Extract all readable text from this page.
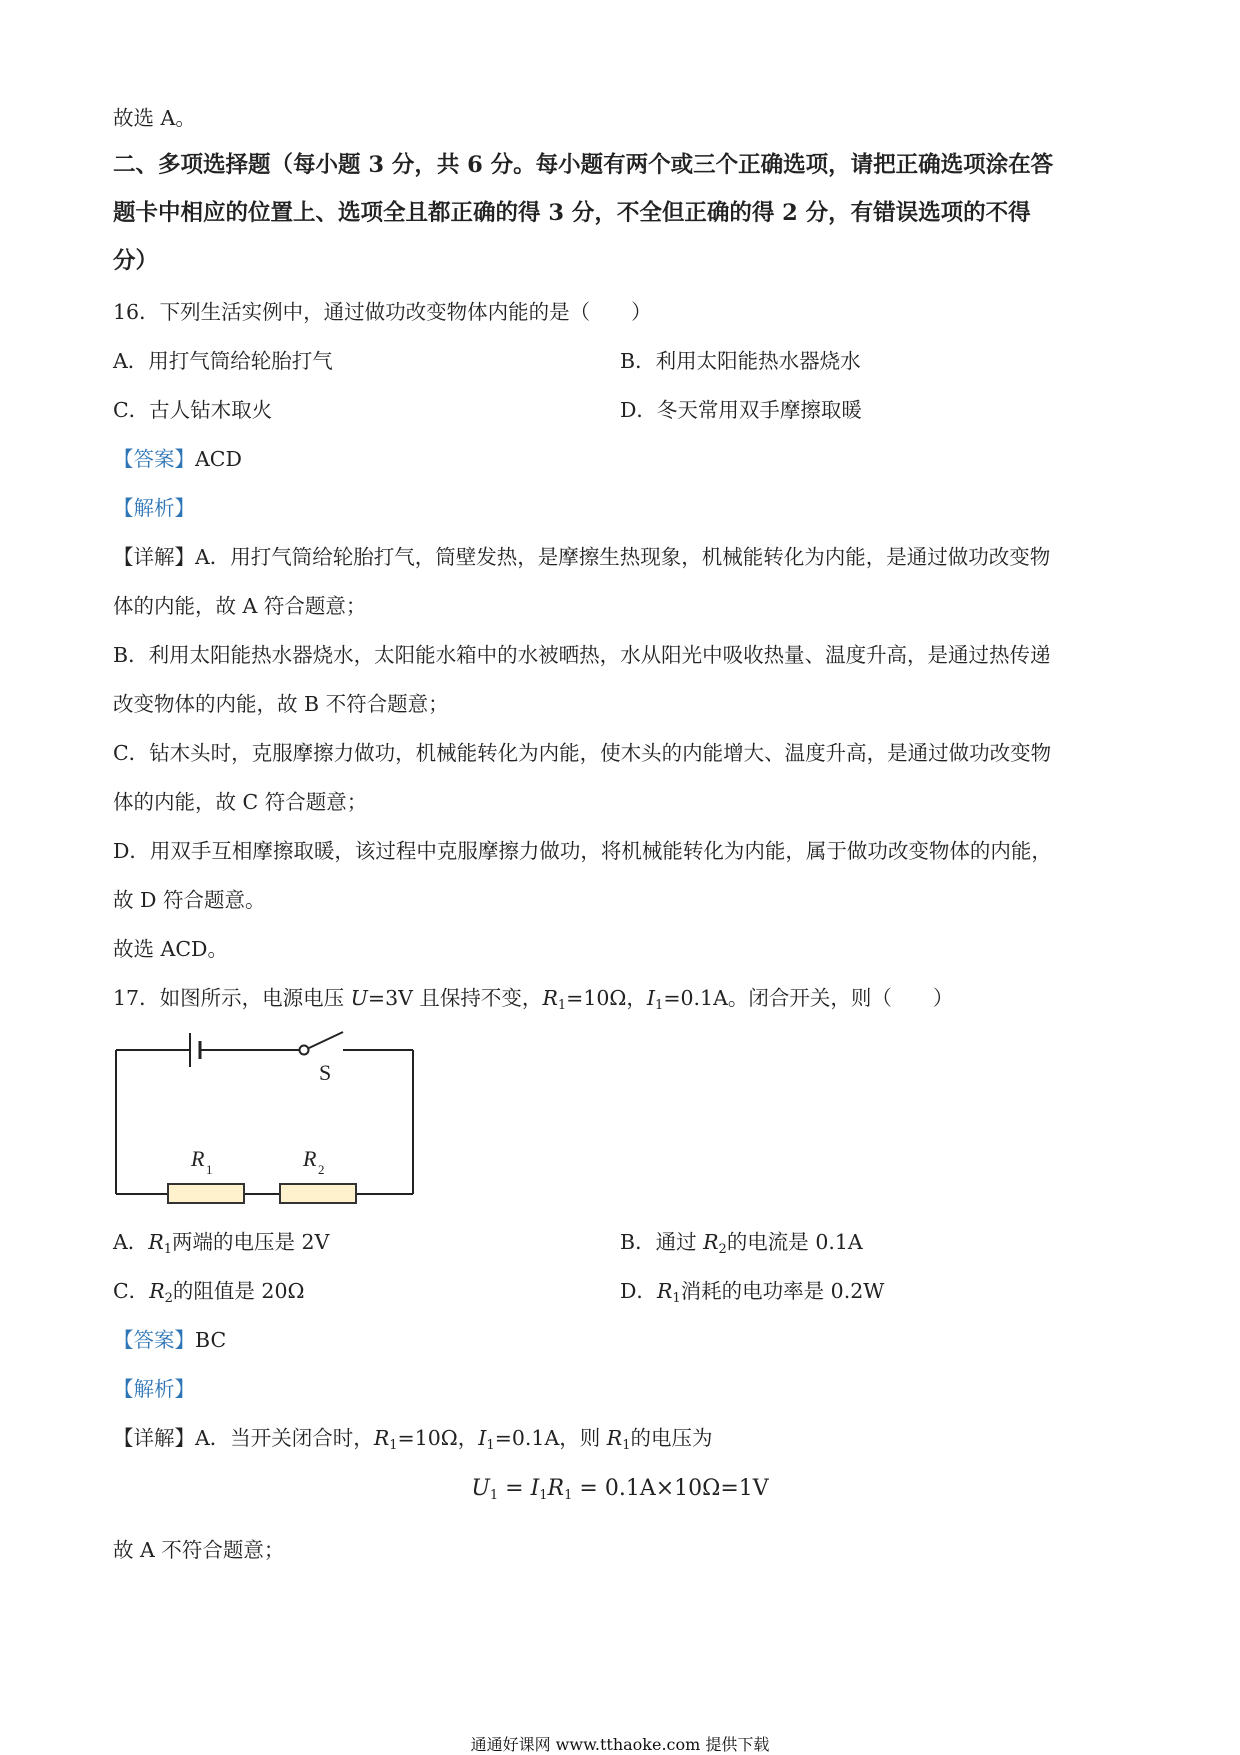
故选 A。
二、多项选择题（每小题 3 分，共 6 分。每小题有两个或三个正确选项，请把正确选项涂在答
题卡中相应的位置上、选项全且都正确的得 3 分，不全但正确的得 2 分，有错误选项的不得
分）
16．下列生活实例中，通过做功改变物体内能的是（　　）
A．用打气筒给轮胎打气	B．利用太阳能热水器烧水
C．古人钻木取火	D．冬天常用双手摩擦取暖
【答案】ACD
【解析】
【详解】A．用打气筒给轮胎打气，筒壁发热，是摩擦生热现象，机械能转化为内能，是通过做功改变物
体的内能，故 A 符合题意；
B．利用太阳能热水器烧水，太阳能水箱中的水被晒热，水从阳光中吸收热量、温度升高，是通过热传递
改变物体的内能，故 B 不符合题意；
C．钻木头时，克服摩擦力做功，机械能转化为内能，使木头的内能增大、温度升高，是通过做功改变物
体的内能，故 C 符合题意；
D．用双手互相摩擦取暖，该过程中克服摩擦力做功，将机械能转化为内能，属于做功改变物体的内能，
故 D 符合题意。
故选 ACD。
17．如图所示，电源电压 U=3V 且保持不变，$R_1=10\Omega$，$I_1=0.1A$。闭合开关，则（　　）
S
R 1	R 2
A．$R_1$两端的电压是 2V	B．通过 $R_2$的电流是 0.1A
C．$R_2$的阻值是 20Ω	D．$R_1$消耗的电功率是 0.2W
【答案】BC
【解析】
【详解】A．当开关闭合时，$R_1=10\Omega$，$I_1=0.1A$，则 $R_1$的电压为
$U_1 = I_1R_1 = 0.1A\times 10\Omega=1V$
故 A 不符合题意；
通通好课网 www.tthaoke.com 提供下载
